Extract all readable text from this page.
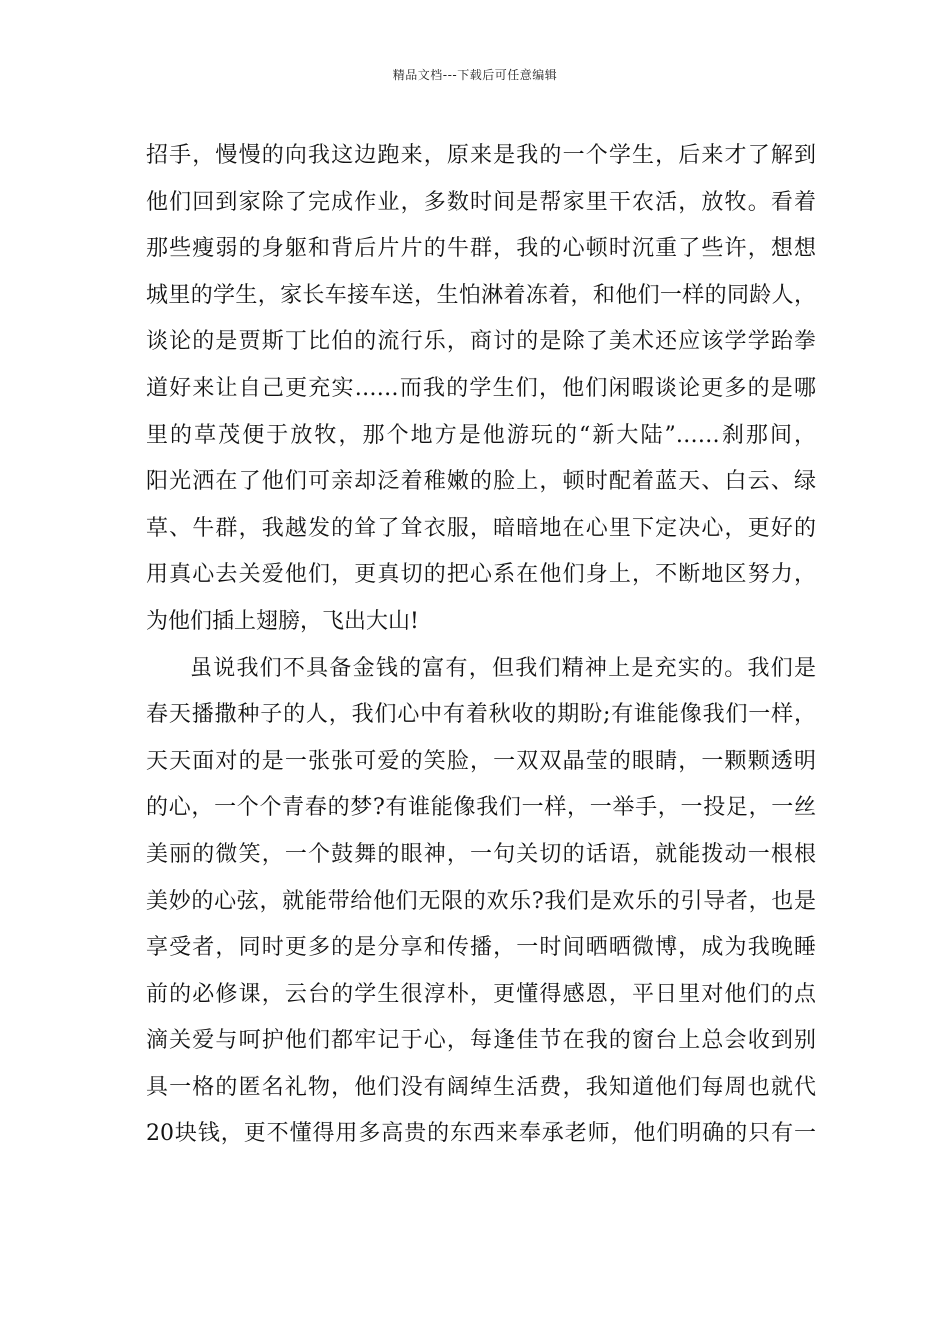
精品文档---下载后可任意编辑
招手，慢慢的向我这边跑来，原来是我的一个学生，后来才了解到
他们回到家除了完成作业，多数时间是帮家里干农活，放牧。看着
那些瘦弱的身躯和背后片片的牛群，我的心顿时沉重了些许，想想
城里的学生，家长车接车送，生怕淋着冻着，和他们一样的同龄人，
谈论的是贾斯丁比伯的流行乐，商讨的是除了美术还应该学学跆拳
道好来让自己更充实……而我的学生们，他们闲暇谈论更多的是哪
里的草茂便于放牧，那个地方是他游玩的“新大陆”……刹那间，
阳光洒在了他们可亲却泛着稚嫩的脸上，顿时配着蓝天、白云、绿
草、牛群，我越发的耸了耸衣服，暗暗地在心里下定决心，更好的
用真心去关爱他们，更真切的把心系在他们身上，不断地区努力，
为他们插上翅膀，飞出大山!
虽说我们不具备金钱的富有，但我们精神上是充实的。我们是
春天播撒种子的人，我们心中有着秋收的期盼;有谁能像我们一样，
天天面对的是一张张可爱的笑脸，一双双晶莹的眼睛，一颗颗透明
的心，一个个青春的梦?有谁能像我们一样，一举手，一投足，一丝
美丽的微笑，一个鼓舞的眼神，一句关切的话语，就能拨动一根根
美妙的心弦，就能带给他们无限的欢乐?我们是欢乐的引导者，也是
享受者，同时更多的是分享和传播，一时间晒晒微博，成为我晚睡
前的必修课，云台的学生很淳朴，更懂得感恩，平日里对他们的点
滴关爱与呵护他们都牢记于心，每逢佳节在我的窗台上总会收到别
具一格的匿名礼物，他们没有阔绰生活费，我知道他们每周也就代
20块钱，更不懂得用多高贵的东西来奉承老师，他们明确的只有一
